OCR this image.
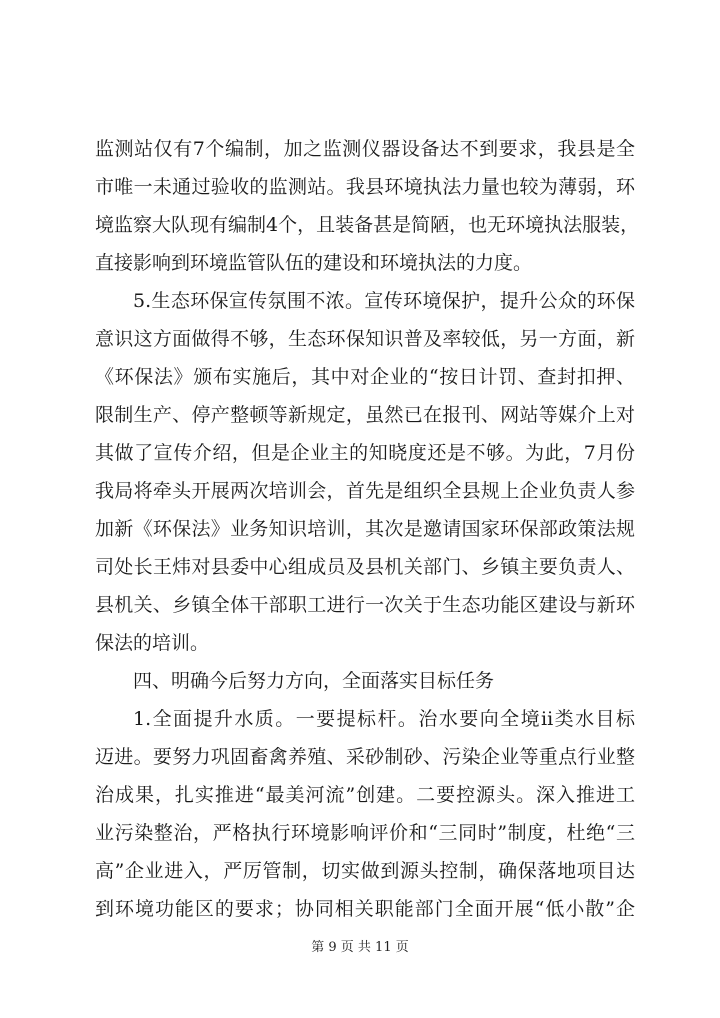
监测站仅有7个编制，加之监测仪器设备达不到要求，我县是全
市唯一未通过验收的监测站。我县环境执法力量也较为薄弱，环
境监察大队现有编制4个，且装备甚是简陋，也无环境执法服装，
直接影响到环境监管队伍的建设和环境执法的力度。
5.生态环保宣传氛围不浓。宣传环境保护，提升公众的环保
意识这方面做得不够，生态环保知识普及率较低，另一方面，新
《环保法》颁布实施后，其中对企业的“按日计罚、查封扣押、
限制生产、停产整顿等新规定，虽然已在报刊、网站等媒介上对
其做了宣传介绍，但是企业主的知晓度还是不够。为此，7月份
我局将牵头开展两次培训会，首先是组织全县规上企业负责人参
加新《环保法》业务知识培训，其次是邀请国家环保部政策法规
司处长王炜对县委中心组成员及县机关部门、乡镇主要负责人、
县机关、乡镇全体干部职工进行一次关于生态功能区建设与新环
保法的培训。
四、明确今后努力方向，全面落实目标任务
1.全面提升水质。一要提标杆。治水要向全境ii类水目标
迈进。要努力巩固畜禽养殖、采砂制砂、污染企业等重点行业整
治成果，扎实推进“最美河流”创建。二要控源头。深入推进工
业污染整治，严格执行环境影响评价和“三同时”制度，杜绝“三
高”企业进入，严厉管制，切实做到源头控制，确保落地项目达
到环境功能区的要求；协同相关职能部门全面开展“低小散”企
第 9 页 共 11 页
